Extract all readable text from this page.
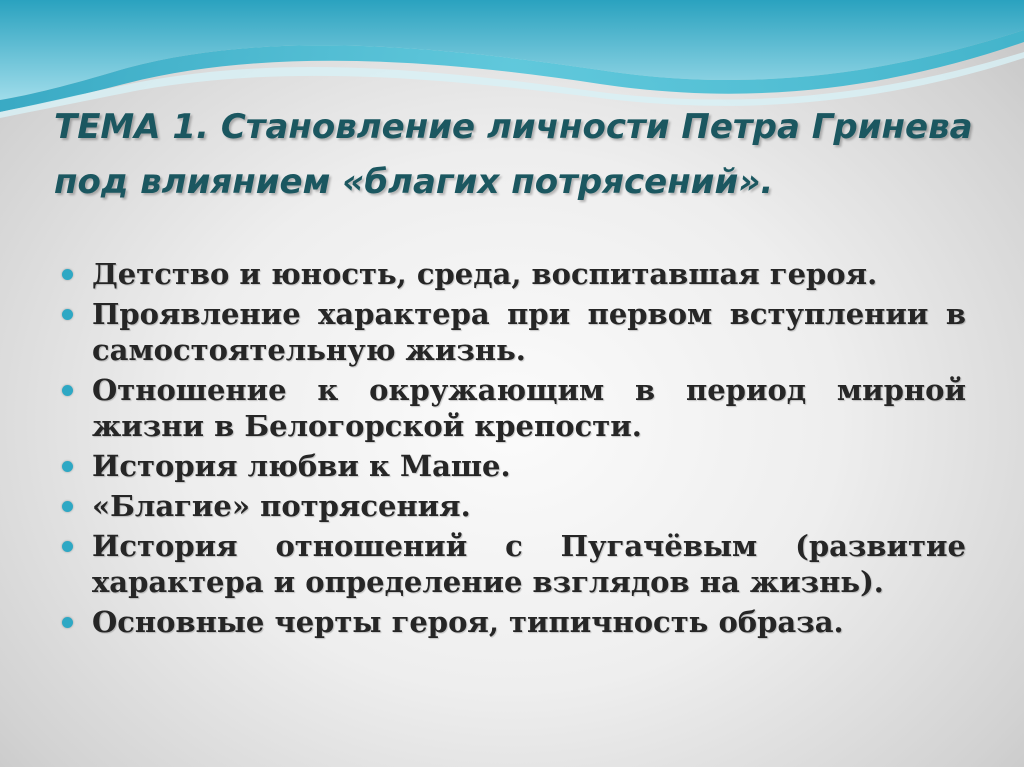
ТЕМА 1. Становление личности Петра Гринева под влиянием «благих потрясений».
Детство и юность, среда, воспитавшая героя.
Проявление характера при первом вступлении в самостоятельную жизнь.
Отношение к окружающим в период мирной жизни в Белогорской крепости.
История любви к Маше.
«Благие» потрясения.
История отношений с Пугачёвым (развитие характера и определение взглядов на жизнь).
Основные черты героя, типичность образа.
